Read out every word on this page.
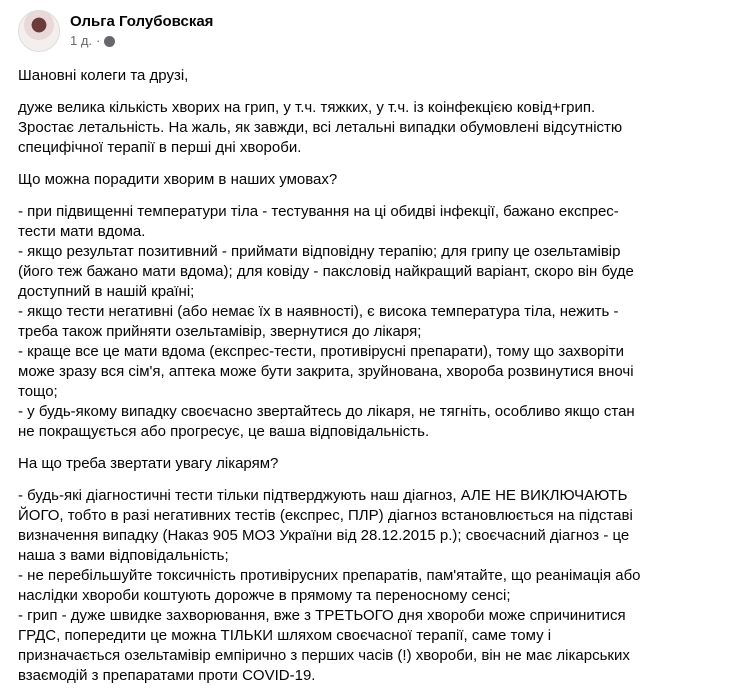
Ольга Голубовская
1 д. ·
Шановні колеги та друзі,
дуже велика кількість хворих на грип, у т.ч. тяжких, у т.ч. із коінфекцією ковід+грип.
Зростає летальність. На жаль, як завжди, всі летальні випадки обумовлені відсутністю
специфічної терапії в перші дні хвороби.
Що можна порадити хворим в наших умовах?
- при підвищенні температури тіла - тестування на ці обидві інфекції, бажано експрес-
тести мати вдома.
- якщо результат позитивний - приймати відповідну терапію; для грипу це озельтамівір
(його теж бажано мати вдома); для ковіду - паксловід найкращий варіант, скоро він буде
доступний в нашій країні;
- якщо тести негативні (або немає їх в наявності), є висока температура тіла, нежить -
треба також прийняти озельтамівір, звернутися до лікаря;
- краще все це мати вдома (експрес-тести, противірусні препарати), тому що захворіти
може зразу вся сім'я, аптека може бути закрита, зруйнована, хвороба розвинутися вночі
тощо;
- у будь-якому випадку своєчасно звертайтесь до лікаря, не тягніть, особливо якщо стан
не покращується або прогресує, це ваша відповідальність.
На що треба звертати увагу лікарям?
- будь-які діагностичні тести тільки підтверджують наш діагноз, АЛЕ НЕ ВИКЛЮЧАЮТЬ
ЙОГО, тобто в разі негативних тестів (експрес, ПЛР) діагноз встановлюється на підставі
визначення випадку (Наказ 905 МОЗ України від 28.12.2015 р.); своєчасний діагноз - це
наша з вами відповідальність;
- не перебільшуйте токсичність противірусних препаратів, пам'ятайте, що реанімація або
наслідки хвороби коштують дорожче в прямому та переносному сенсі;
- грип - дуже швидке захворювання, вже з ТРЕТЬОГО дня хвороби може спричинитися
ГРДС, попередити це можна ТІЛЬКИ шляхом своєчасної терапії, саме тому і
призначається озельтамівір емпірично з перших часів (!) хвороби, він не має лікарських
взаємодій з препаратами проти COVID-19.
